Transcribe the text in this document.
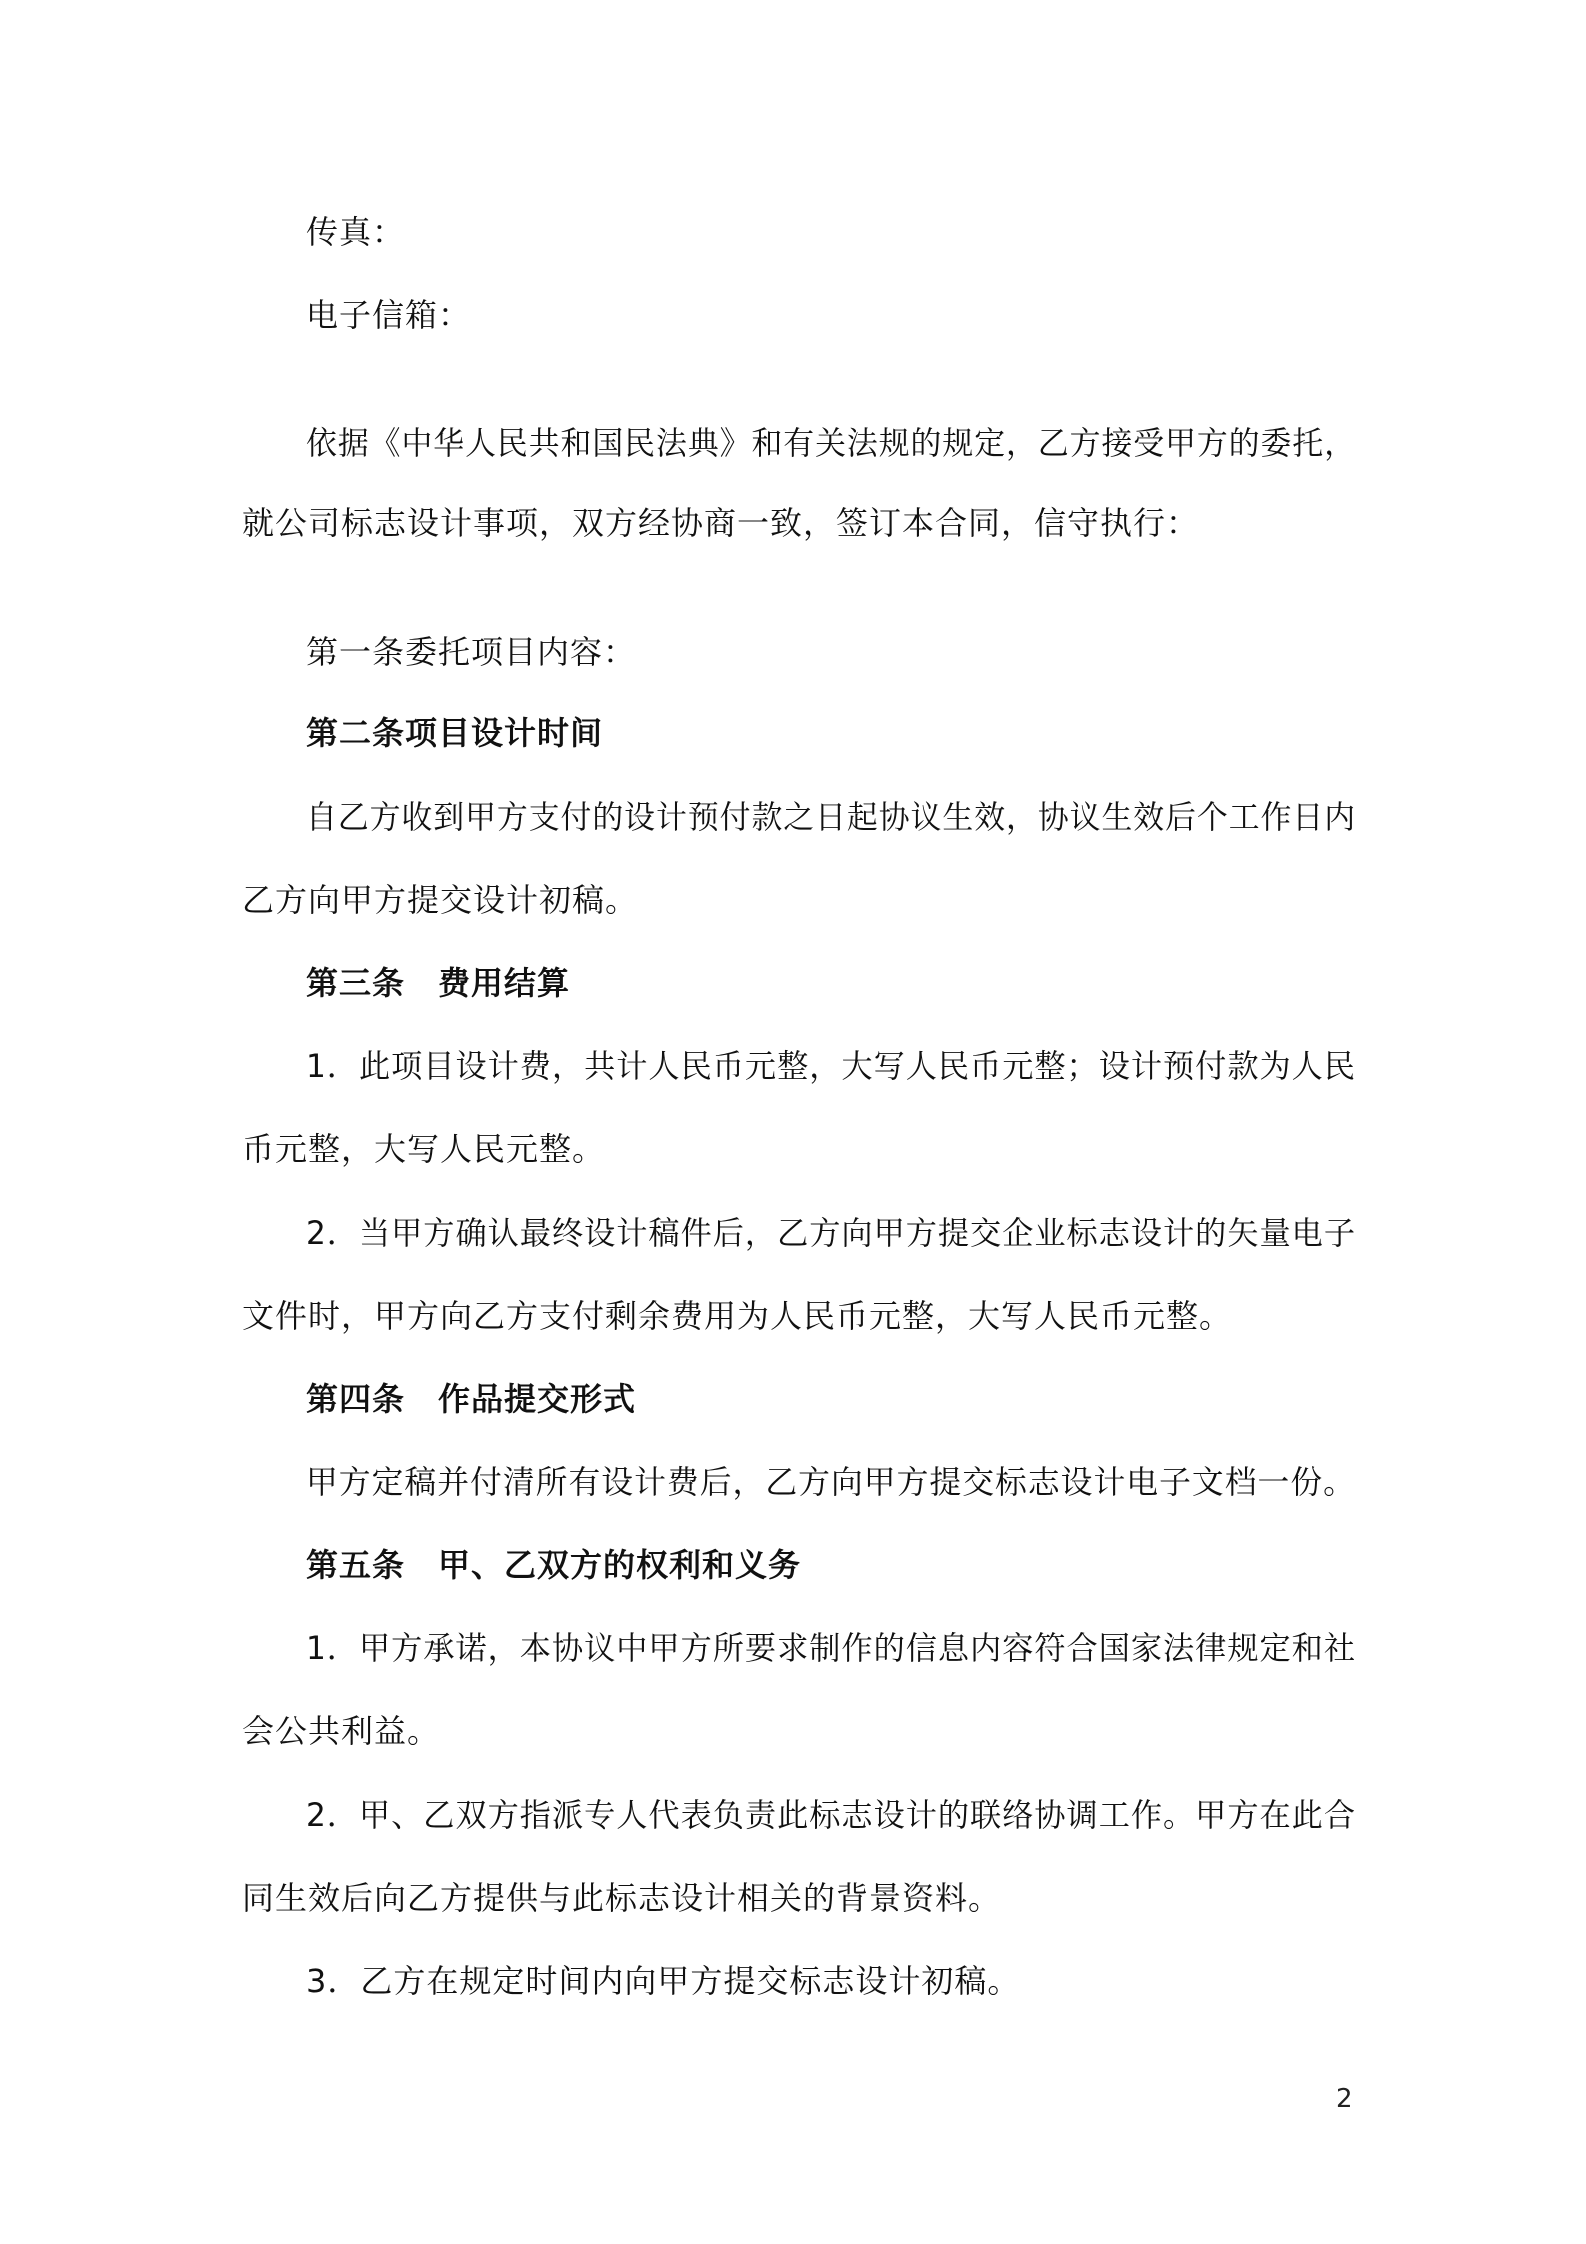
传真：
电子信箱：
依据《中华人民共和国民法典》和有关法规的规定，乙方接受甲方的委托，
就公司标志设计事项，双方经协商一致，签订本合同，信守执行：
第一条委托项目内容：
第二条项目设计时间
自乙方收到甲方支付的设计预付款之日起协议生效，协议生效后个工作日内
乙方向甲方提交设计初稿。
第三条　费用结算
1．此项目设计费，共计人民币元整，大写人民币元整；设计预付款为人民
币元整，大写人民元整。
2．当甲方确认最终设计稿件后，乙方向甲方提交企业标志设计的矢量电子
文件时，甲方向乙方支付剩余费用为人民币元整，大写人民币元整。
第四条　作品提交形式
甲方定稿并付清所有设计费后，乙方向甲方提交标志设计电子文档一份。
第五条　甲、乙双方的权利和义务
1．甲方承诺，本协议中甲方所要求制作的信息内容符合国家法律规定和社
会公共利益。
2．甲、乙双方指派专人代表负责此标志设计的联络协调工作。甲方在此合
同生效后向乙方提供与此标志设计相关的背景资料。
3．乙方在规定时间内向甲方提交标志设计初稿。
2
